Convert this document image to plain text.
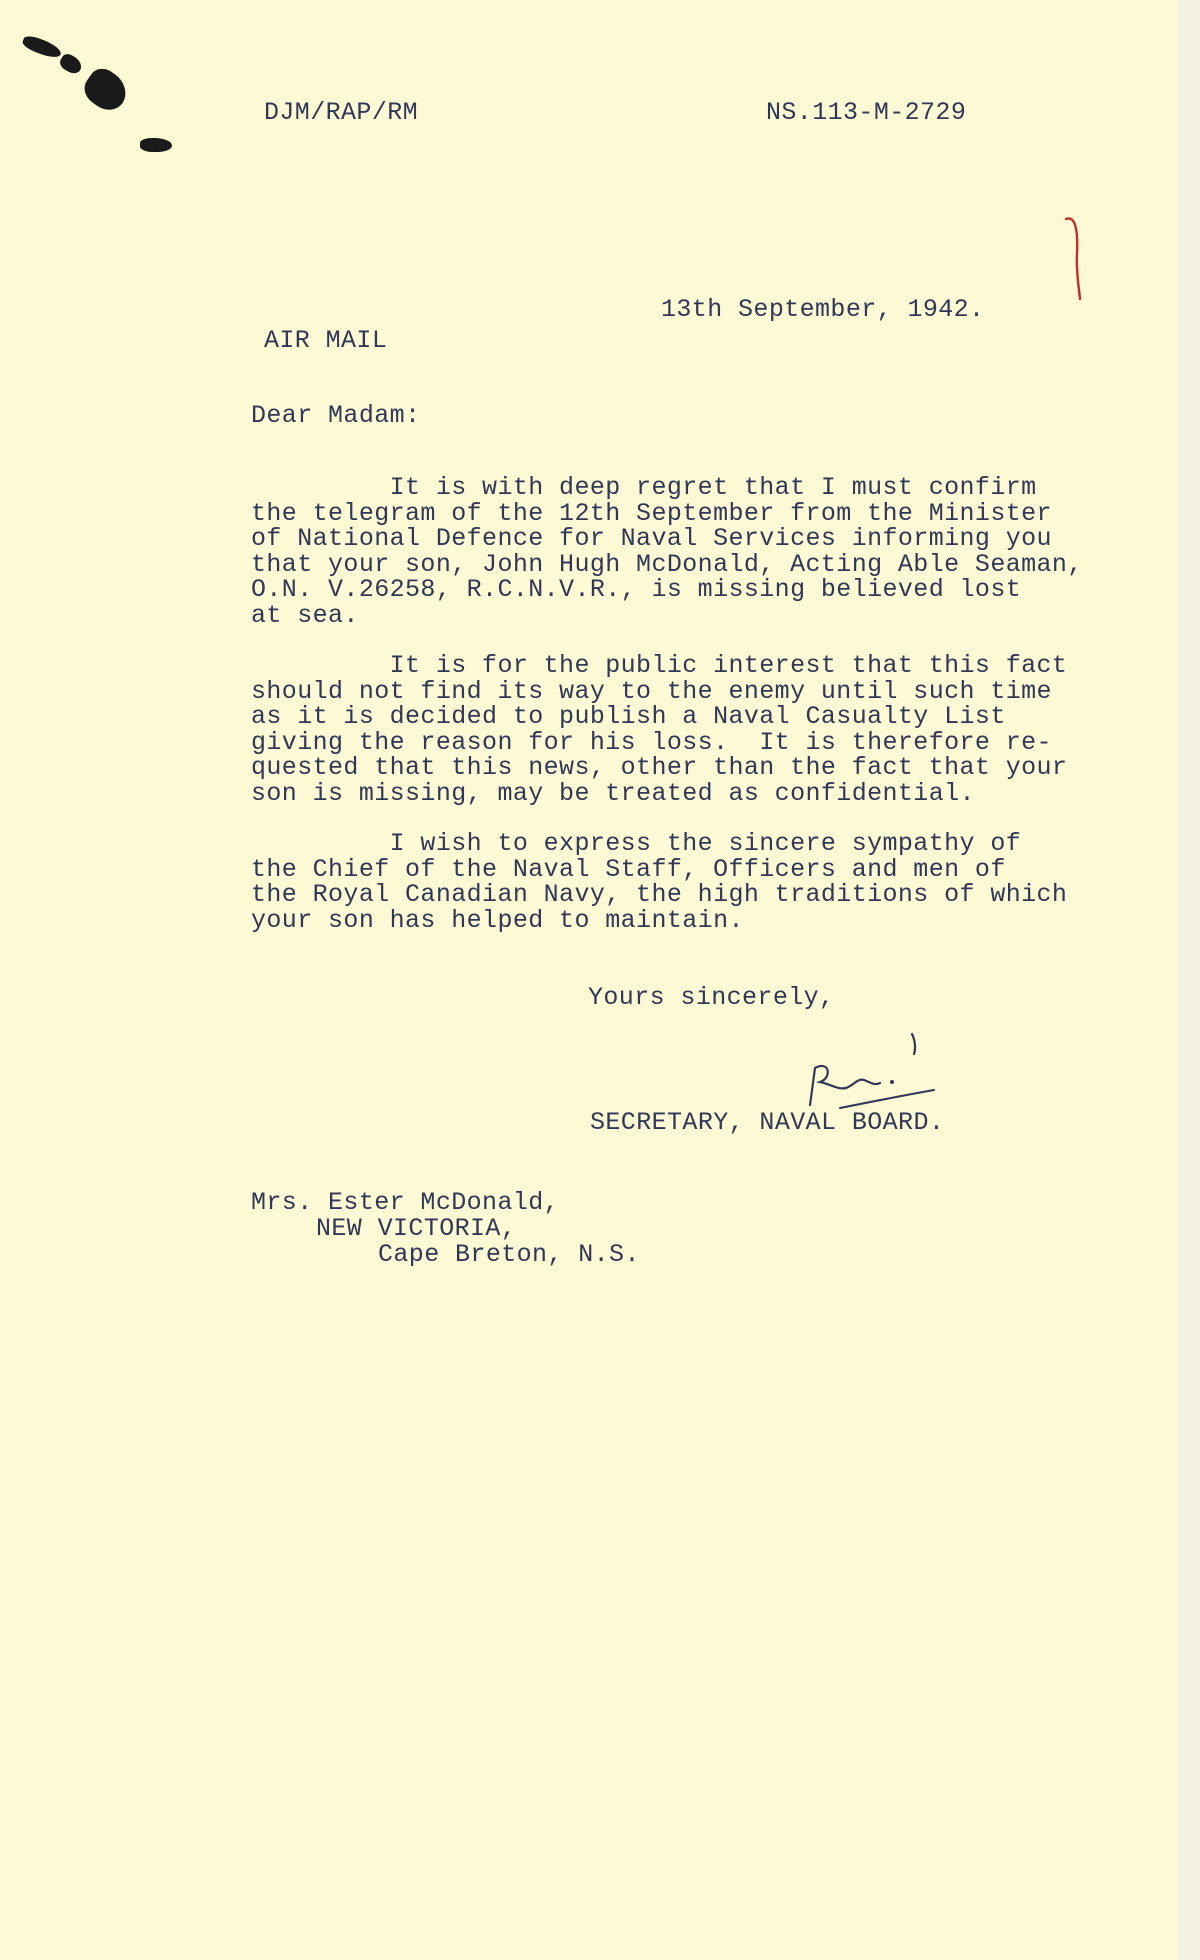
DJM/RAP/RM	NS.113-M-2729
13th September, 1942.
AIR MAIL
Dear Madam:
It is with deep regret that I must confirm
the telegram of the 12th September from the Minister
of National Defence for Naval Services informing you
that your son, John Hugh McDonald, Acting Able Seaman,
O.N. V.26258, R.C.N.V.R., is missing believed lost
at sea.
It is for the public interest that this fact
should not find its way to the enemy until such time
as it is decided to publish a Naval Casualty List
giving the reason for his loss.  It is therefore re-
quested that this news, other than the fact that your
son is missing, may be treated as confidential.
I wish to express the sincere sympathy of
the Chief of the Naval Staff, Officers and men of
the Royal Canadian Navy, the high traditions of which
your son has helped to maintain.
Yours sincerely,
SECRETARY, NAVAL BOARD.
Mrs. Ester McDonald,
NEW VICTORIA,
Cape Breton, N.S.
